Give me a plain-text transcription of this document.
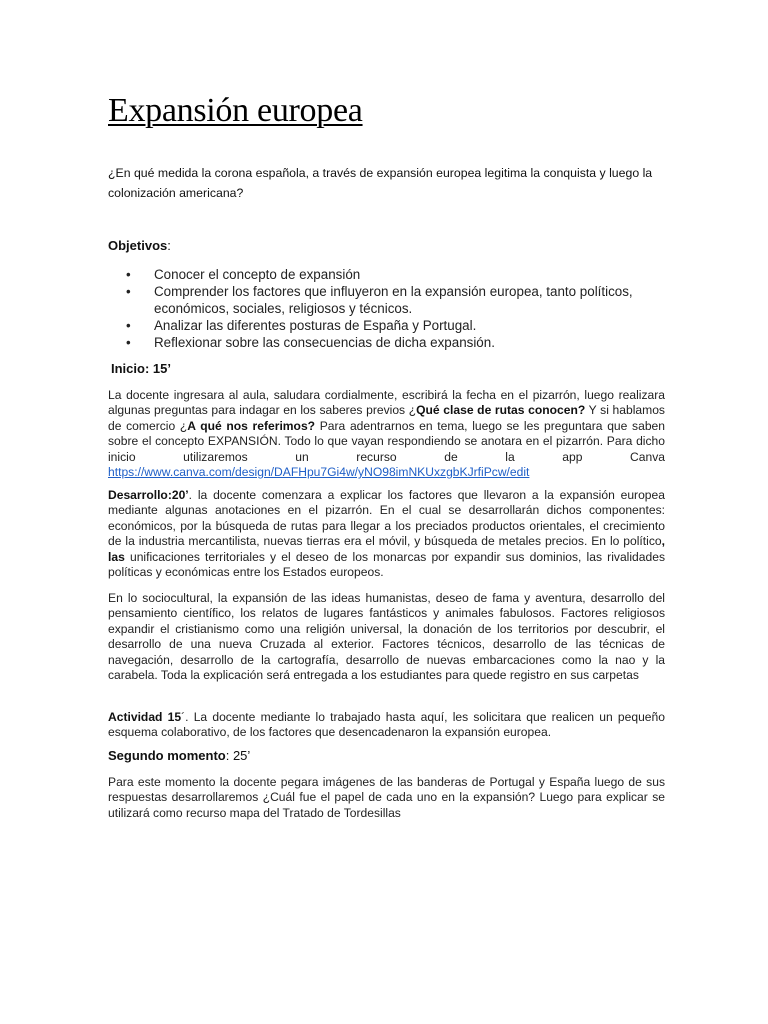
Expansión europea

¿En qué medida la corona española, a través de expansión europea legitima la conquista y luego la colonización americana?

Objetivos:
• Conocer el concepto de expansión
• Comprender los factores que influyeron en la expansión europea, tanto políticos, económicos, sociales, religiosos y técnicos.
• Analizar las diferentes posturas de España y Portugal.
• Reflexionar sobre las consecuencias de dicha expansión.
Inicio: 15’

La docente ingresara al aula, saludara cordialmente, escribirá la fecha en el pizarrón, luego realizara algunas preguntas para indagar en los saberes previos ¿Qué clase de rutas conocen? Y si hablamos de comercio ¿A qué nos referimos? Para adentrarnos en tema, luego se les preguntara que saben sobre el concepto EXPANSIÓN. Todo lo que vayan respondiendo se anotara en el pizarrón. Para dicho inicio utilizaremos un recurso de la app Canva https://www.canva.com/design/DAFHpu7Gi4w/yNO98imNKUxzgbKJrfiPcw/edit

Desarrollo:20’. la docente comenzara a explicar los factores que llevaron a la expansión europea mediante algunas anotaciones en el pizarrón. En el cual se desarrollarán dichos componentes: económicos, por la búsqueda de rutas para llegar a los preciados productos orientales, el crecimiento de la industria mercantilista, nuevas tierras era el móvil, y búsqueda de metales precios. En lo político, las unificaciones territoriales y el deseo de los monarcas por expandir sus dominios, las rivalidades políticas y económicas entre los Estados europeos.

En lo sociocultural, la expansión de las ideas humanistas, deseo de fama y aventura, desarrollo del pensamiento científico, los relatos de lugares fantásticos y animales fabulosos. Factores religiosos expandir el cristianismo como una religión universal, la donación de los territorios por descubrir, el desarrollo de una nueva Cruzada al exterior. Factores técnicos, desarrollo de las técnicas de navegación, desarrollo de la cartografía, desarrollo de nuevas embarcaciones como la nao y la carabela. Toda la explicación será entregada a los estudiantes para quede registro en sus carpetas

Actividad 15´. La docente mediante lo trabajado hasta aquí, les solicitara que realicen un pequeño esquema colaborativo, de los factores que desencadenaron la expansión europea.

Segundo momento: 25’

Para este momento la docente pegara imágenes de las banderas de Portugal y España luego de sus respuestas desarrollaremos ¿Cuál fue el papel de cada uno en la expansión? Luego para explicar se utilizará como recurso mapa del Tratado de Tordesillas
